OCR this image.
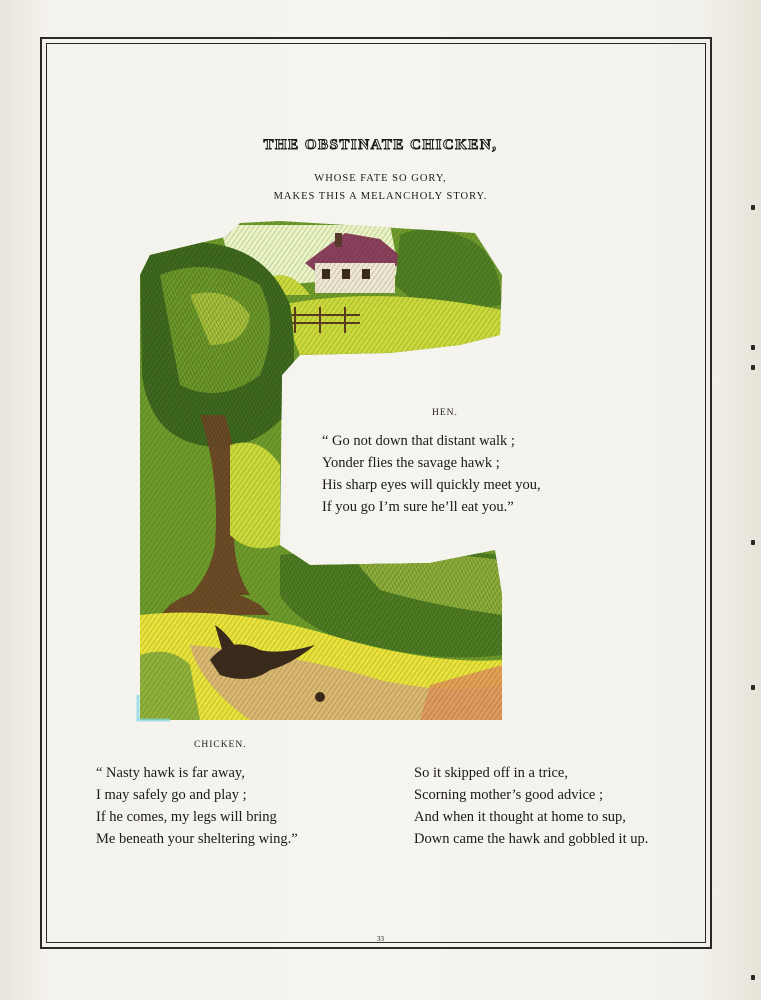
THE OBSTINATE CHICKEN,
WHOSE FATE SO GORY,
MAKES THIS A MELANCHOLY STORY.
HEN.
“ Go not down that distant walk ;
Yonder flies the savage hawk ;
His sharp eyes will quickly meet you,
If you go I’m sure he’ll eat you.”
CHICKEN.
“ Nasty hawk is far away,
I may safely go and play ;
If he comes, my legs will bring
Me beneath your sheltering wing.”
So it skipped off in a trice,
Scorning mother’s good advice ;
And when it thought at home to sup,
Down came the hawk and gobbled it up.
33
